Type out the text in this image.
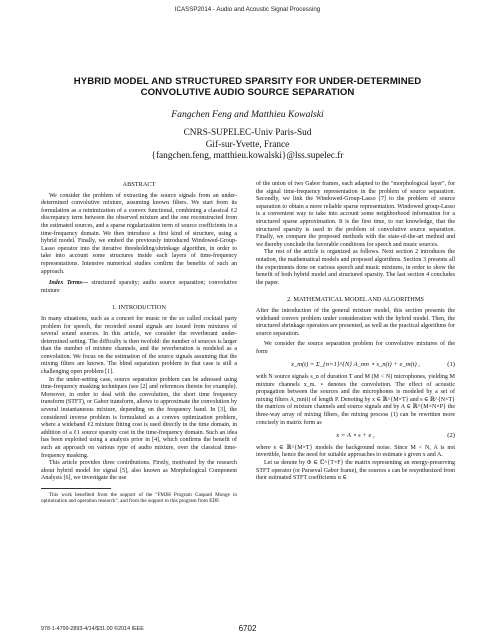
ICASSP2014 - Audio and Acoustic Signal Processing
HYBRID MODEL AND STRUCTURED SPARSITY FOR UNDER-DETERMINED CONVOLUTIVE AUDIO SOURCE SEPARATION
Fangchen Feng and Matthieu Kowalski
CNRS-SUPELEC-Univ Paris-Sud
Gif-sur-Yvette, France
{fangchen.feng, matthieu.kowalski}@lss.supelec.fr

ABSTRACT

We consider the problem of extracting the source signals from an under-determined convolutive mixture, assuming known filters. We start from its formulation as a minimization of a convex functional, combining a classical ℓ2 discrepancy term between the observed mixture and the one reconstructed from the estimated sources, and a sparse regularization term of source coefficients in a time-frequency domain. We then introduce a first kind of structure, using a hybrid model. Finally, we embed the previously introduced Windowed-Group-Lasso operator into the iterative thresholding/shrinkage algorithm, in order to take into account some structures inside each layers of time-frequency representations. Intensive numerical studies confirm the benefits of such an approach.

Index Terms— structured sparsity; audio source separation; convolutive mixture

1. INTRODUCTION

In many situations, such as a concert for music or the so called cocktail party problem for speech, the recorded sound signals are issued from mixtures of several sound sources. In this article, we consider the reverberant under-determined setting. The difficulty is then twofold: the number of sources is larger than the number of mixture channels, and the reverberation is modeled as a convolution. We focus on the estimation of the source signals assuming that the mixing filters are known. The blind separation problem in that case is still a challenging open problem [1].

In the under-setting case, source separation problem can be adressed using time-frequency masking techniques (see [2] and references therein for example). Moreover, in order to deal with the convolution, the short time frequency transform (STFT), or Gabor transform, allows to approximate the convolution by several instantaneous mixture, depending on the frequency band. In [3], the considered inverse problem is formulated as a convex optimization problem, where a wideband ℓ2 mixture fitting cost is used directly in the time domain, in addition of a ℓ1 source sparsity cost in the time-frequency domain. Such an idea has been exploited using a analysis prior in [4], which confirms the benefit of such an approach on various type of audio mixture, over the classical time-frequency masking.

This article provides three contributions. Firstly, motivated by the research about hybrid model for signal [5], also known as Morphological Component Analysis [6], we investigate the use

This work benefited from the support of the "FMJH Program Gaspard Monge in optimization and operation research", and from the support to this program from EDF.

of the union of two Gabor frames, each adapted to the "morphological layer", for the signal time-frequency representation in the problem of source separation. Secondly, we link the Windowed-Group-Lasso [7] to the problem of source separation to obtain a more reliable sparse representation. Windowed group-Lasso is a convenient way to take into account some neighborhood information for a structured sparse approximation. It is the first time, to our knowledge, that the structured sparsity is used in the problem of convolutive source separation. Finally, we compare the proposed methods with the state-of-the-art method and we thereby conclude the favorable conditions for speech and music sources.

The rest of the article is organized as follows. Next section 2 introduces the notation, the mathematical models and proposed algorithms. Section 3 presents all the experiments done on various speech and music mixtures, in order to show the benefit of both hybrid model and structured sparsity. The last section 4 concludes the paper.

2. MATHEMATICAL MODEL AND ALGORITHMS

After the introduction of the general mixture model, this section presents the wideband convex problem under consideration with the hybrid model. Then, the structured shrinkage operators are presented, as well as the practical algorithms for source separation.

We consider the source separation problem for convolutive mixtures of the form

x_m(t) = Σ_{n=1}^{N} A_mn ⋆ s_n(t) + e_m(t) ,	(1)

with N source signals s_n of duration T and M (M < N) microphones, yielding M mixture channels x_m. ⋆ denotes the convolution. The effect of acoustic propagation between the sources and the microphones is modeled by a set of mixing filters A_mn(t) of length P. Denoting by x ∈ ℝ^{M×T} and s ∈ ℝ^{N×T} the matrices of mixture channels and source signals and by A ∈ ℝ^{M×N×P} the three-way array of mixing filters, the mixing process (1) can be rewritten more concisely in matrix form as

x = A ⋆ s + e ,	(2)

where e ∈ ℝ^{M×T} models the background noise. Since M < N, A is not invertible, hence the need for suitable approaches to estimate s given x and A.

Let us denote by Φ ∈ ℂ^{T×F} the matrix representing an energy-preserving STFT operator (or Parseval Gabor frame), the sources s can be resynthesized from their estimated STFT coefficients α ∈

978-1-4799-2893-4/14/$31.00 ©2014 IEEE	6702
